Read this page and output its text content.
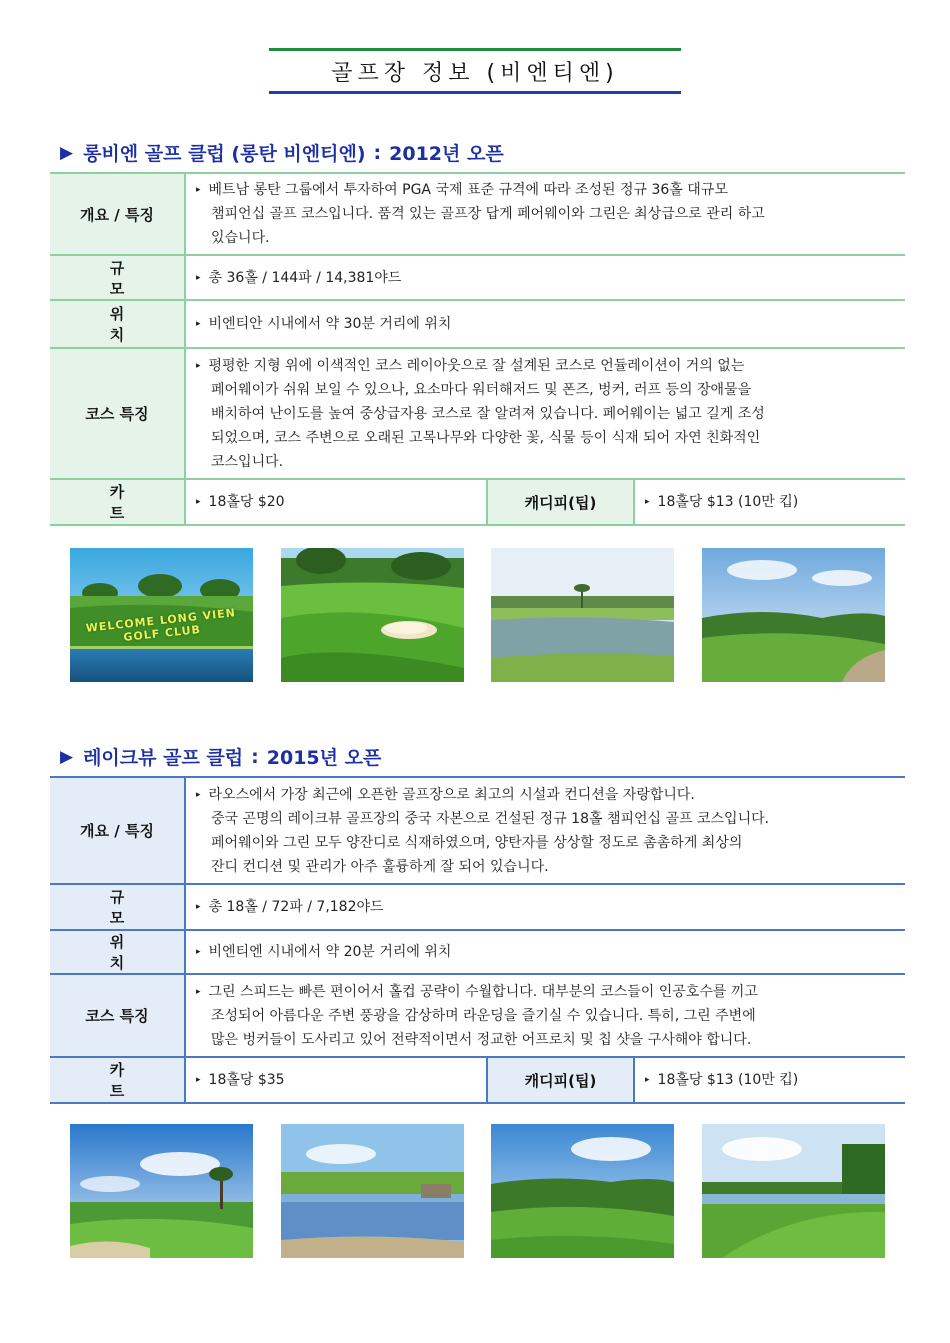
골프장 정보 (비엔티엔)
▶ 롱비엔 골프 클럽 (롱탄 비엔티엔) : 2012년 오픈
개요 / 특징	▸ 베트남 롱탄 그룹에서 투자하여 PGA 국제 표준 규격에 따라 조성된 정규 36홀 대규모
챔피언십 골프 코스입니다. 품격 있는 골프장 답게 페어웨이와 그린은 최상급으로 관리 하고
있습니다.		
규 모	▸ 총 36홀 / 144파 / 14,381야드		
위 치	▸ 비엔티안 시내에서 약 30분 거리에 위치		
코스 특징	▸ 평평한 지형 위에 이색적인 코스 레이아웃으로 잘 설계된 코스로 언듈레이션이 거의 없는
페어웨이가 쉬워 보일 수 있으나, 요소마다 워터해저드 및 폰즈, 벙커, 러프 등의 장애물을
배치하여 난이도를 높여 중상급자용 코스로 잘 알려져 있습니다. 페어웨이는 넓고 길게 조성
되었으며, 코스 주변으로 오래된 고목나무와 다양한 꽃, 식물 등이 식재 되어 자연 친화적인
코스입니다.		
카 트	▸ 18홀당 $20	캐디피(팁)	▸ 18홀당 $13 (10만 킵)
WELCOME LONG VIEN GOLF CLUB
▶ 레이크뷰 골프 클럽 : 2015년 오픈
개요 / 특징	▸ 라오스에서 가장 최근에 오픈한 골프장으로 최고의 시설과 컨디션을 자랑합니다.
중국 곤명의 레이크뷰 골프장의 중국 자본으로 건설된 정규 18홀 챔피언십 골프 코스입니다.
페어웨이와 그린 모두 양잔디로 식재하였으며, 양탄자를 상상할 정도로 촘촘하게 최상의
잔디 컨디션 및 관리가 아주 훌륭하게 잘 되어 있습니다.		
규 모	▸ 총 18홀 / 72파 / 7,182야드		
위 치	▸ 비엔티엔 시내에서 약 20분 거리에 위치		
코스 특징	▸ 그린 스피드는 빠른 편이어서 홀컵 공략이 수월합니다. 대부분의 코스들이 인공호수를 끼고
조성되어 아름다운 주변 풍광을 감상하며 라운딩을 즐기실 수 있습니다. 특히, 그린 주변에
많은 벙커들이 도사리고 있어 전략적이면서 정교한 어프로치 및 칩 샷을 구사해야 합니다.		
카 트	▸ 18홀당 $35	캐디피(팁)	▸ 18홀당 $13 (10만 킵)
